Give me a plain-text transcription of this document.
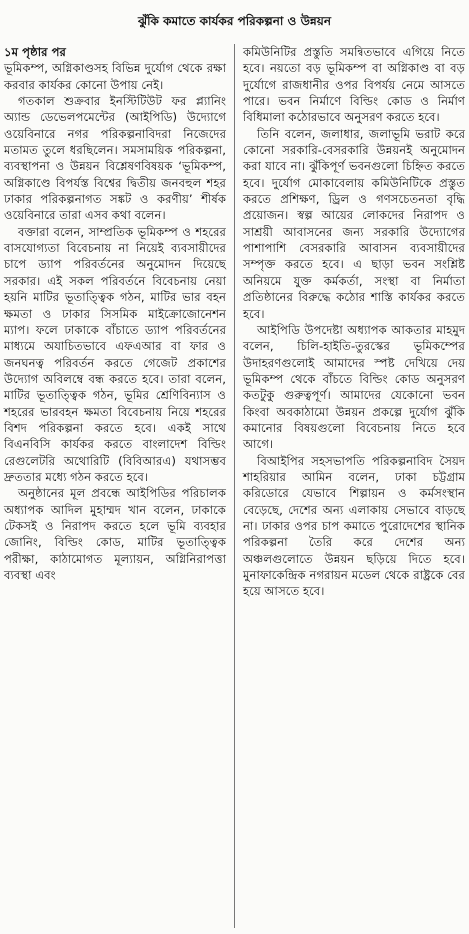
ঝুঁকি কমাতে কার্যকর পরিকল্পনা ও উন্নয়ন

১ম পৃষ্ঠার পর

ভূমিকম্প, অগ্নিকাণ্ডসহ বিভিন্ন দুর্যোগ থেকে রক্ষা করবার কার্যকর কোনো উপায় নেই।

গতকাল শুক্রবার ইনস্টিটিউট ফর প্ল্যানিং অ্যান্ড ডেভেলপমেন্টের (আইপিডি) উদ্যোগে ওয়েবিনারে নগর পরিকল্পনাবিদরা নিজেদের মতামত তুলে ধরছিলেন। সমসাময়িক পরিকল্পনা, ব্যবস্থাপনা ও উন্নয়ন বিশ্লেষণবিষয়ক ‘ভূমিকম্প, অগ্নিকাণ্ডে বিপর্যস্ত বিশ্বের দ্বিতীয় জনবহুল শহর ঢাকার পরিকল্পনাগত সঙ্কট ও করণীয়’ শীর্ষক ওয়েবিনারে তারা এসব কথা বলেন।

বক্তারা বলেন, সাম্প্রতিক ভূমিকম্প ও শহরের বাসযোগ্যতা বিবেচনায় না নিয়েই ব্যবসায়ীদের চাপে ড্যাপ পরিবর্তনের অনুমোদন দিয়েছে সরকার। এই সকল পরিবর্তনে বিবেচনায় নেয়া হয়নি মাটির ভূতাত্ত্বিক গঠন, মাটির ভার বহন ক্ষমতা ও ঢাকার সিসমিক মাইক্রোজোনেশন ম্যাপ। ফলে ঢাকাকে বাঁচাতে ড্যাপ পরিবর্তনের মাধ্যমে অযাচিতভাবে এফএআর বা ফার ও জনঘনত্ব পরিবর্তন করতে গেজেট প্রকাশের উদ্যোগ অবিলম্বে বন্ধ করতে হবে। তারা বলেন, মাটির ভূতাত্ত্বিক গঠন, ভূমির শ্রেণিবিন্যাস ও শহরের ভারবহন ক্ষমতা বিবেচনায় নিয়ে শহরের বিশদ পরিকল্পনা করতে হবে। একই সাথে বিএনবিসি কার্যকর করতে বাংলাদেশ বিল্ডিং রেগুলেটরি অথোরিটি (বিবিআরএ) যথাসম্ভব দ্রুততার মধ্যে গঠন করতে হবে।

অনুষ্ঠানের মূল প্রবন্ধে আইপিডির পরিচালক অধ্যাপক আদিল মুহাম্মদ খান বলেন, ঢাকাকে টেকসই ও নিরাপদ করতে হলে ভূমি ব্যবহার জোনিং, বিল্ডিং কোড, মাটির ভূতাত্ত্বিক পরীক্ষা, কাঠামোগত মূল্যায়ন, অগ্নিনিরাপত্তা ব্যবস্থা এবং

কমিউনিটির প্রস্তুতি সমন্বিতভাবে এগিয়ে নিতে হবে। নয়তো বড় ভূমিকম্প বা অগ্নিকাণ্ড বা বড় দুর্যোগে রাজধানীর ওপর বিপর্যয় নেমে আসতে পারে। ভবন নির্মাণে বিল্ডিং কোড ও নির্মাণ বিধিমালা কঠোরভাবে অনুসরণ করতে হবে।

তিনি বলেন, জলাধার, জলাভূমি ভরাট করে কোনো সরকারি-বেসরকারি উন্নয়নই অনুমোদন করা যাবে না। ঝুঁকিপূর্ণ ভবনগুলো চিহ্নিত করতে হবে। দুর্যোগ মোকাবেলায় কমিউনিটিকে প্রস্তুত করতে প্রশিক্ষণ, ড্রিল ও গণসচেতনতা বৃদ্ধি প্রয়োজন। স্বল্প আয়ের লোকদের নিরাপদ ও সাশ্রয়ী আবাসনের জন্য সরকারি উদ্যোগের পাশাপাশি বেসরকারি আবাসন ব্যবসায়ীদের সম্পৃক্ত করতে হবে। এ ছাড়া ভবন সংশ্লিষ্ট অনিয়মে যুক্ত কর্মকর্তা, সংস্থা বা নির্মাতা প্রতিষ্ঠানের বিরুদ্ধে কঠোর শাস্তি কার্যকর করতে হবে।

আইপিডি উপদেষ্টা অধ্যাপক আকতার মাহমুদ বলেন, চিলি-হাইতি-তুরস্কের ভূমিকম্পের উদাহরণগুলোই আমাদের স্পষ্ট দেখিয়ে দেয় ভূমিকম্প থেকে বাঁচতে বিল্ডিং কোড অনুসরণ কতটুকু গুরুত্বপূর্ণ। আমাদের যেকোনো ভবন কিংবা অবকাঠামো উন্নয়ন প্রকল্পে দুর্যোগ ঝুঁকি কমানোর বিষয়গুলো বিবেচনায় নিতে হবে আগে।

বিআইপির সহসভাপতি পরিকল্পনাবিদ সৈয়দ শাহরিয়ার আমিন বলেন, ঢাকা চট্টগ্রাম করিডোরে যেভাবে শিল্পায়ন ও কর্মসংস্থান বেড়েছে, দেশের অন্য এলাকায় সেভাবে বাড়ছে না। ঢাকার ওপর চাপ কমাতে পুরোদেশের স্থানিক পরিকল্পনা তৈরি করে দেশের অন্য অঞ্চলগুলোতে উন্নয়ন ছড়িয়ে দিতে হবে। মুনাফাকেন্দ্রিক নগরায়ন মডেল থেকে রাষ্ট্রকে বের হয়ে আসতে হবে।
